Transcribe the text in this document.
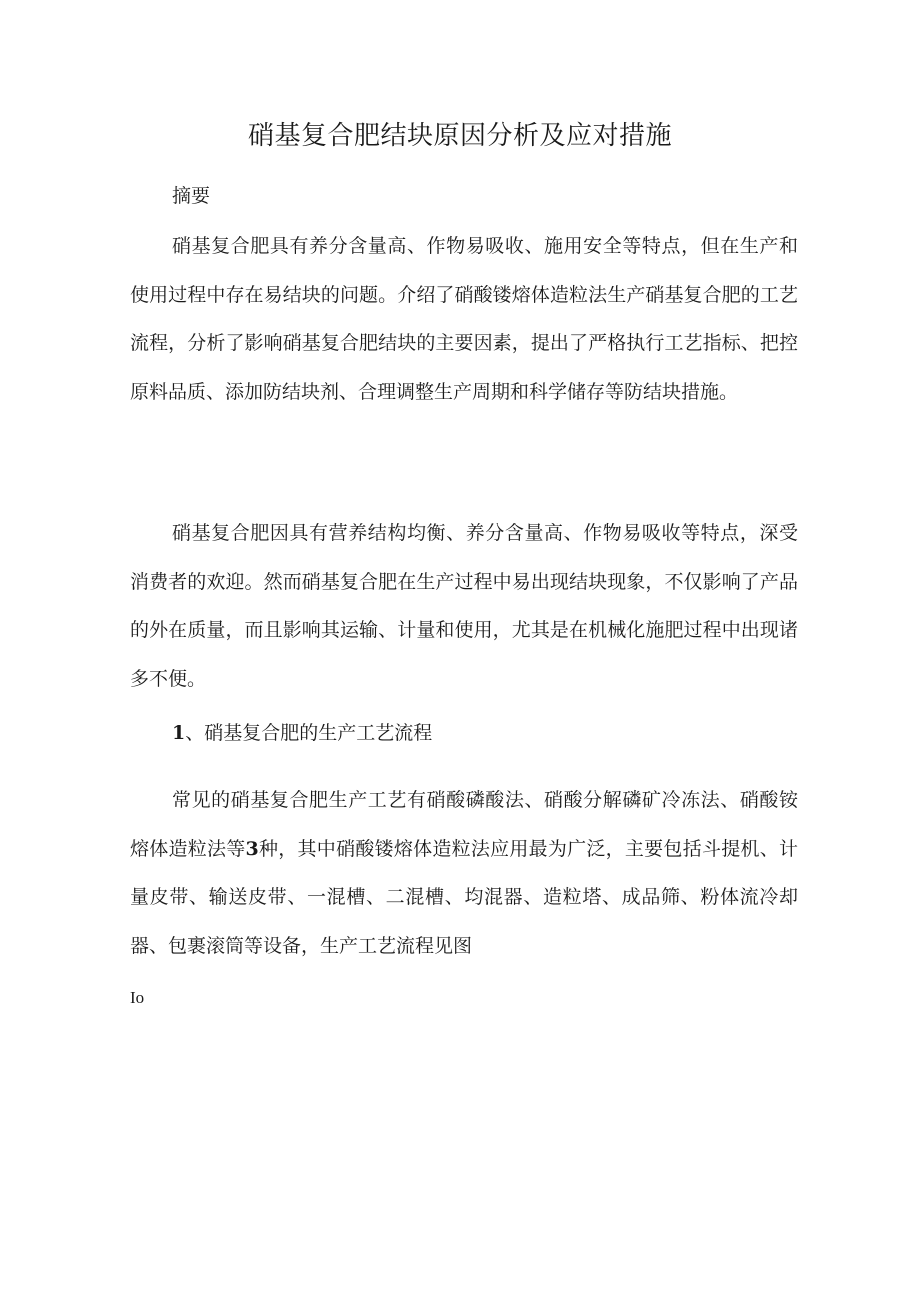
硝基复合肥结块原因分析及应对措施

摘要

硝基复合肥具有养分含量高、作物易吸收、施用安全等特点，但在生产和使用过程中存在易结块的问题。介绍了硝酸镂熔体造粒法生产硝基复合肥的工艺流程，分析了影响硝基复合肥结块的主要因素，提出了严格执行工艺指标、把控原料品质、添加防结块剂、合理调整生产周期和科学储存等防结块措施。

硝基复合肥因具有营养结构均衡、养分含量高、作物易吸收等特点，深受消费者的欢迎。然而硝基复合肥在生产过程中易出现结块现象，不仅影响了产品的外在质量，而且影响其运输、计量和使用，尤其是在机械化施肥过程中出现诸多不便。

1、硝基复合肥的生产工艺流程

常见的硝基复合肥生产工艺有硝酸磷酸法、硝酸分解磷矿冷冻法、硝酸铵熔体造粒法等3种，其中硝酸镂熔体造粒法应用最为广泛，主要包括斗提机、计量皮带、输送皮带、一混槽、二混槽、均混器、造粒塔、成品筛、粉体流冷却器、包裹滚筒等设备，生产工艺流程见图

Io
